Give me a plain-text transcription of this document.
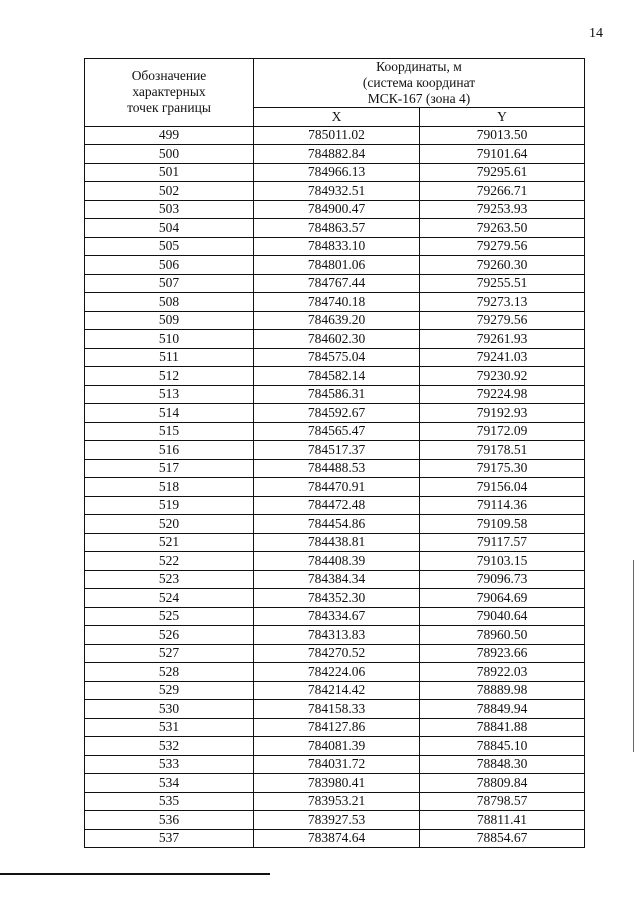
14
Обозначение
характерных
точек границы	Координаты, м
(система координат
МСК-167 (зона 4)	

	X	Y
499	785011.02	79013.50
500	784882.84	79101.64
501	784966.13	79295.61
502	784932.51	79266.71
503	784900.47	79253.93
504	784863.57	79263.50
505	784833.10	79279.56
506	784801.06	79260.30
507	784767.44	79255.51
508	784740.18	79273.13
509	784639.20	79279.56
510	784602.30	79261.93
511	784575.04	79241.03
512	784582.14	79230.92
513	784586.31	79224.98
514	784592.67	79192.93
515	784565.47	79172.09
516	784517.37	79178.51
517	784488.53	79175.30
518	784470.91	79156.04
519	784472.48	79114.36
520	784454.86	79109.58
521	784438.81	79117.57
522	784408.39	79103.15
523	784384.34	79096.73
524	784352.30	79064.69
525	784334.67	79040.64
526	784313.83	78960.50
527	784270.52	78923.66
528	784224.06	78922.03
529	784214.42	78889.98
530	784158.33	78849.94
531	784127.86	78841.88
532	784081.39	78845.10
533	784031.72	78848.30
534	783980.41	78809.84
535	783953.21	78798.57
536	783927.53	78811.41
537	783874.64	78854.67
